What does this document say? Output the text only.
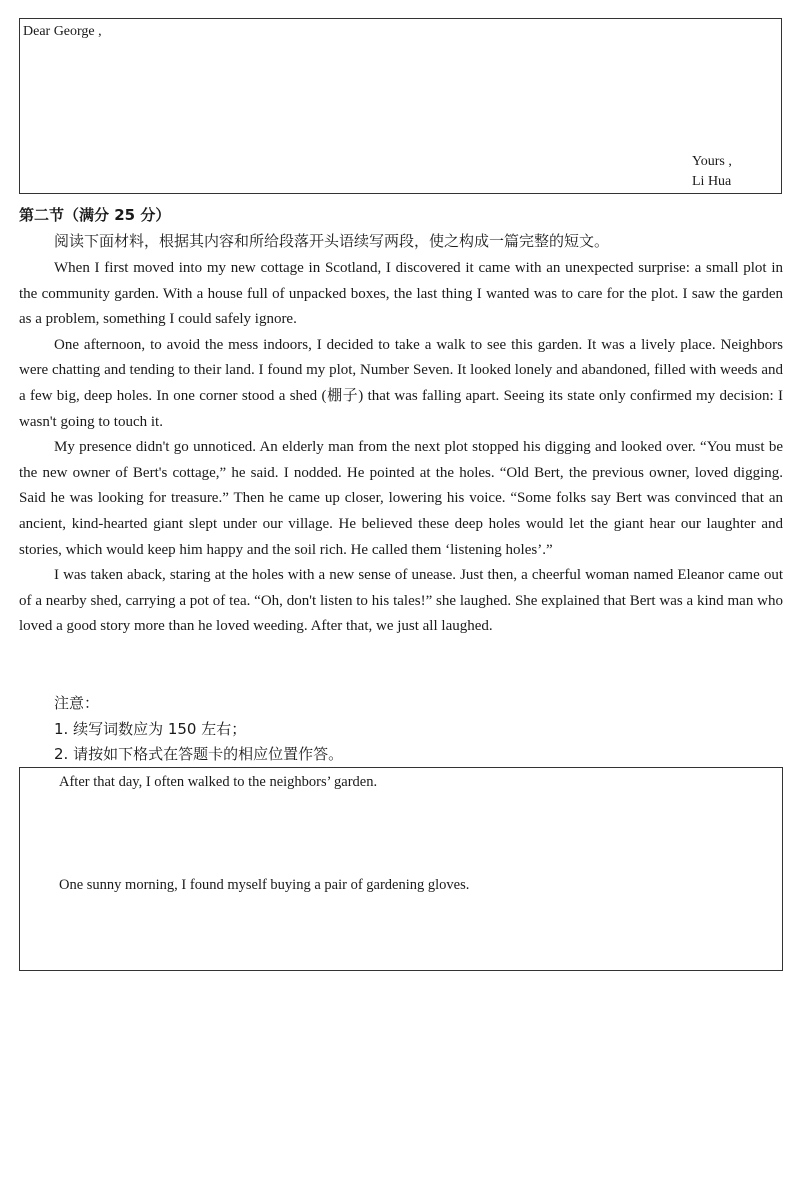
Dear George ,
Yours ,
Li Hua
第二节（满分 25 分）
阅读下面材料，根据其内容和所给段落开头语续写两段，使之构成一篇完整的短文。

When I first moved into my new cottage in Scotland, I discovered it came with an unexpected surprise: a small plot in the community garden. With a house full of unpacked boxes, the last thing I wanted was to care for the plot. I saw the garden as a problem, something I could safely ignore.

One afternoon, to avoid the mess indoors, I decided to take a walk to see this garden. It was a lively place. Neighbors were chatting and tending to their land. I found my plot, Number Seven. It looked lonely and abandoned, filled with weeds and a few big, deep holes. In one corner stood a shed (棚子) that was falling apart. Seeing its state only confirmed my decision: I wasn't going to touch it.

My presence didn't go unnoticed. An elderly man from the next plot stopped his digging and looked over. “You must be the new owner of Bert's cottage,” he said. I nodded. He pointed at the holes. “Old Bert, the previous owner, loved digging. Said he was looking for treasure.” Then he came up closer, lowering his voice. “Some folks say Bert was convinced that an ancient, kind-hearted giant slept under our village. He believed these deep holes would let the giant hear our laughter and stories, which would keep him happy and the soil rich. He called them ‘listening holes’.”

I was taken aback, staring at the holes with a new sense of unease. Just then, a cheerful woman named Eleanor came out of a nearby shed, carrying a pot of tea. “Oh, don't listen to his tales!” she laughed. She explained that Bert was a kind man who loved a good story more than he loved weeding. After that, we just all laughed.

注意：
1. 续写词数应为 150 左右；
2. 请按如下格式在答题卡的相应位置作答。
After that day, I often walked to the neighbors’ garden.
One sunny morning, I found myself buying a pair of gardening gloves.
